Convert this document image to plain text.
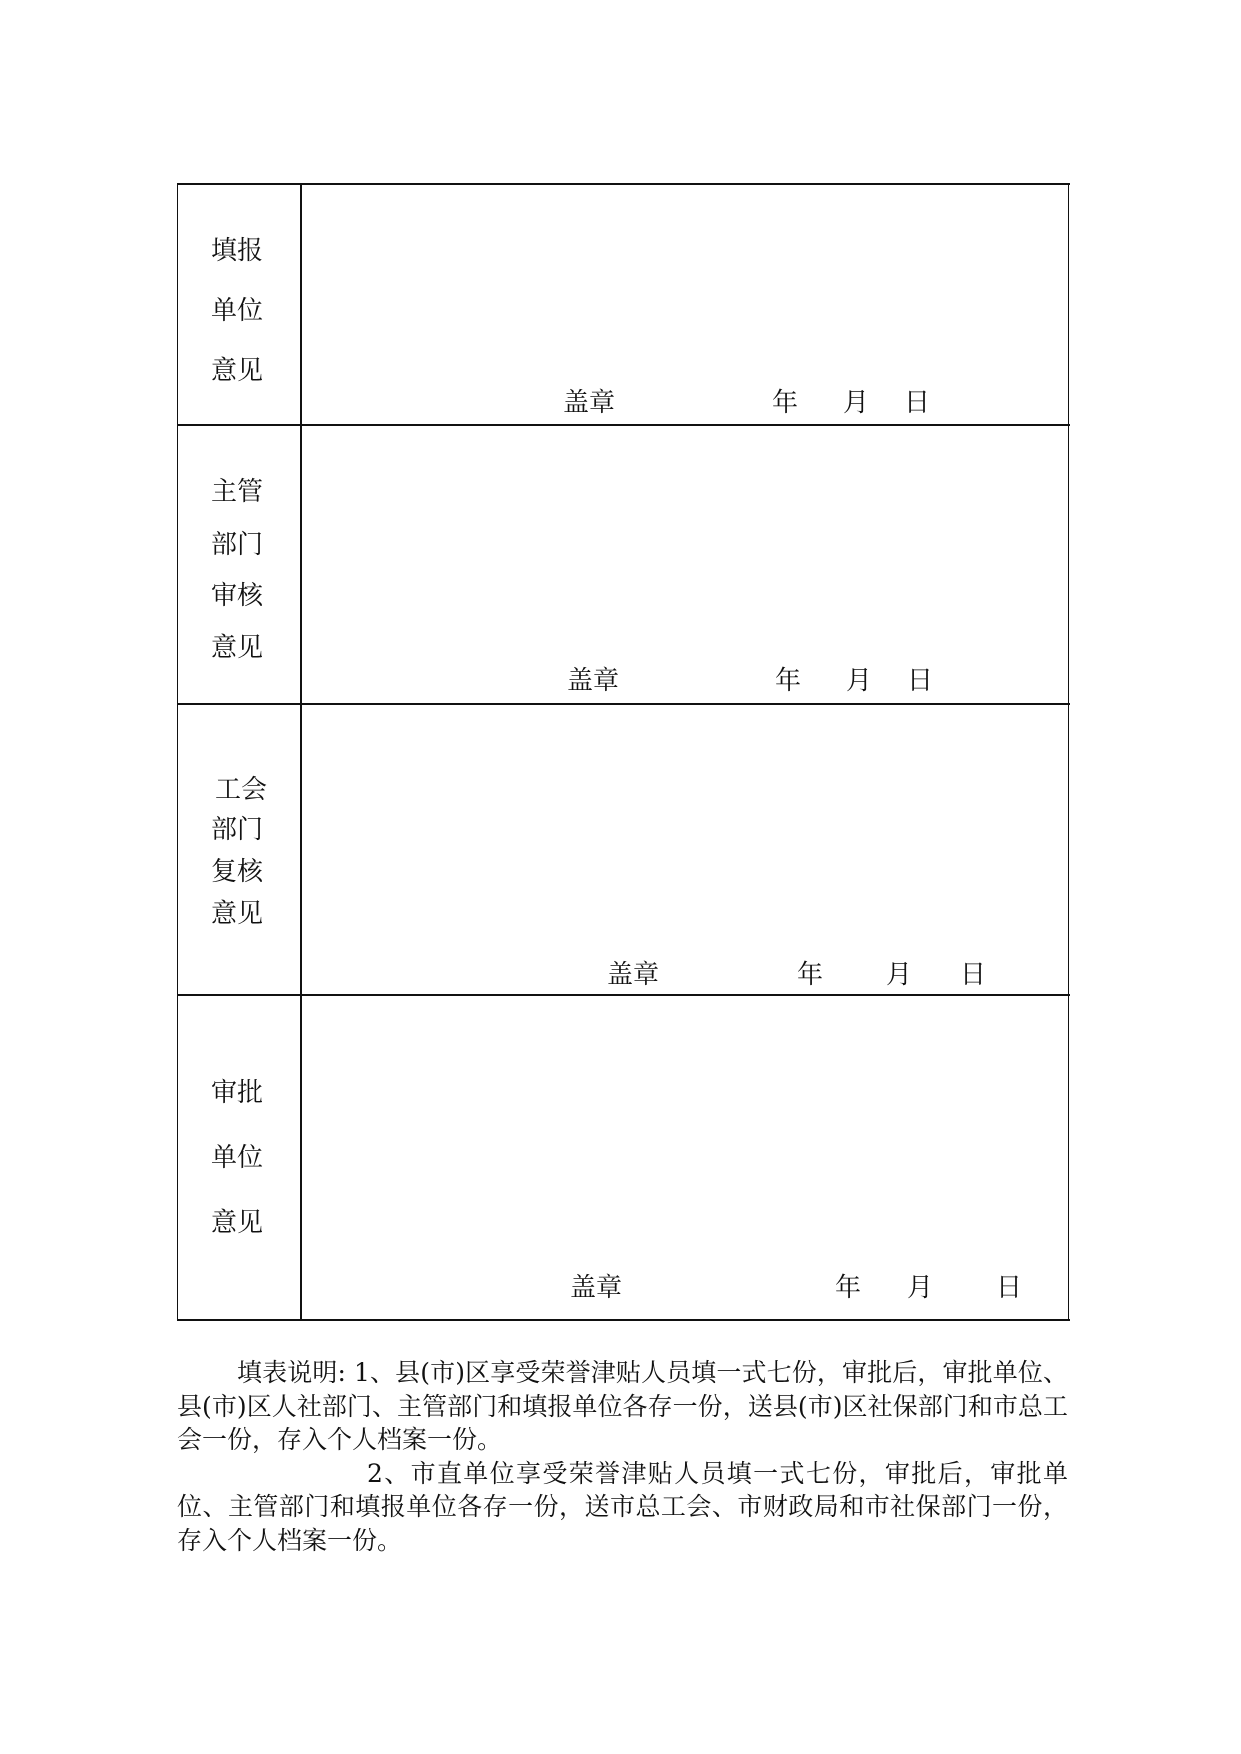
填报
单位
意见
盖章	年 月 日
主管
部门
审核
意见
盖章	年 月 日
工会
部门
复核
意见
盖章	年 月 日
审批
单位
意见
盖章	年 月 日

填表说明: 1、县(市)区享受荣誉津贴人员填一式七份，审批后，审批单位、县(市)区人社部门、主管部门和填报单位各存一份，送县(市)区社保部门和市总工会一份，存入个人档案一份。

2、市直单位享受荣誉津贴人员填一式七份，审批后，审批单位、主管部门和填报单位各存一份，送市总工会、市财政局和市社保部门一份，存入个人档案一份。
